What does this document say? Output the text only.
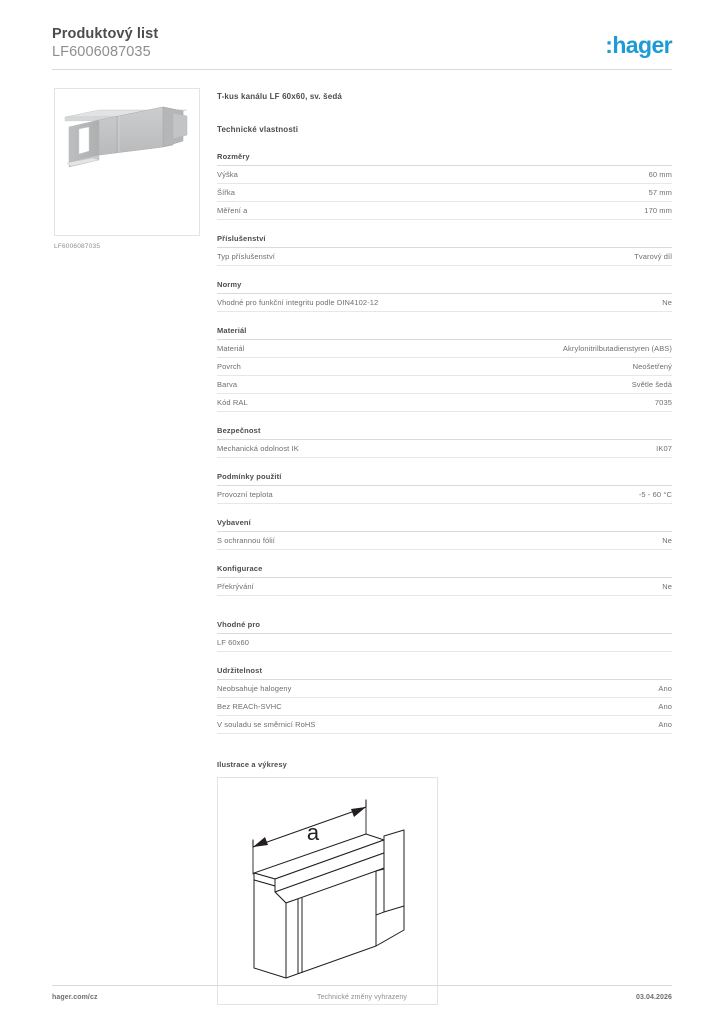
Produktový list
LF6006087035	:hager
LF6006087035
T-kus kanálu LF 60x60, sv. šedá
Technické vlastnosti
Rozměry
Výška	60 mm
Šířka	57 mm
Měření a	170 mm
Příslušenství
Typ příslušenství	Tvarový díl
Normy
Vhodné pro funkční integritu podle DIN4102-12	Ne
Materiál
Materiál	Akrylonitrilbutadienstyren (ABS)
Povrch	Neošetřený
Barva	Světle šedá
Kód RAL	7035
Bezpečnost
Mechanická odolnost IK	IK07
Podmínky použití
Provozní teplota	-5 - 60 °C
Vybavení
S ochrannou fólií	Ne
Konfigurace
Překrývání	Ne
Vhodné pro
LF 60x60
Udržitelnost
Neobsahuje halogeny	Ano
Bez REACh-SVHC	Ano
V souladu se směrnicí RoHS	Ano
Ilustrace a výkresy
a
hager.com/cz	Technické změny vyhrazeny	03.04.2026
